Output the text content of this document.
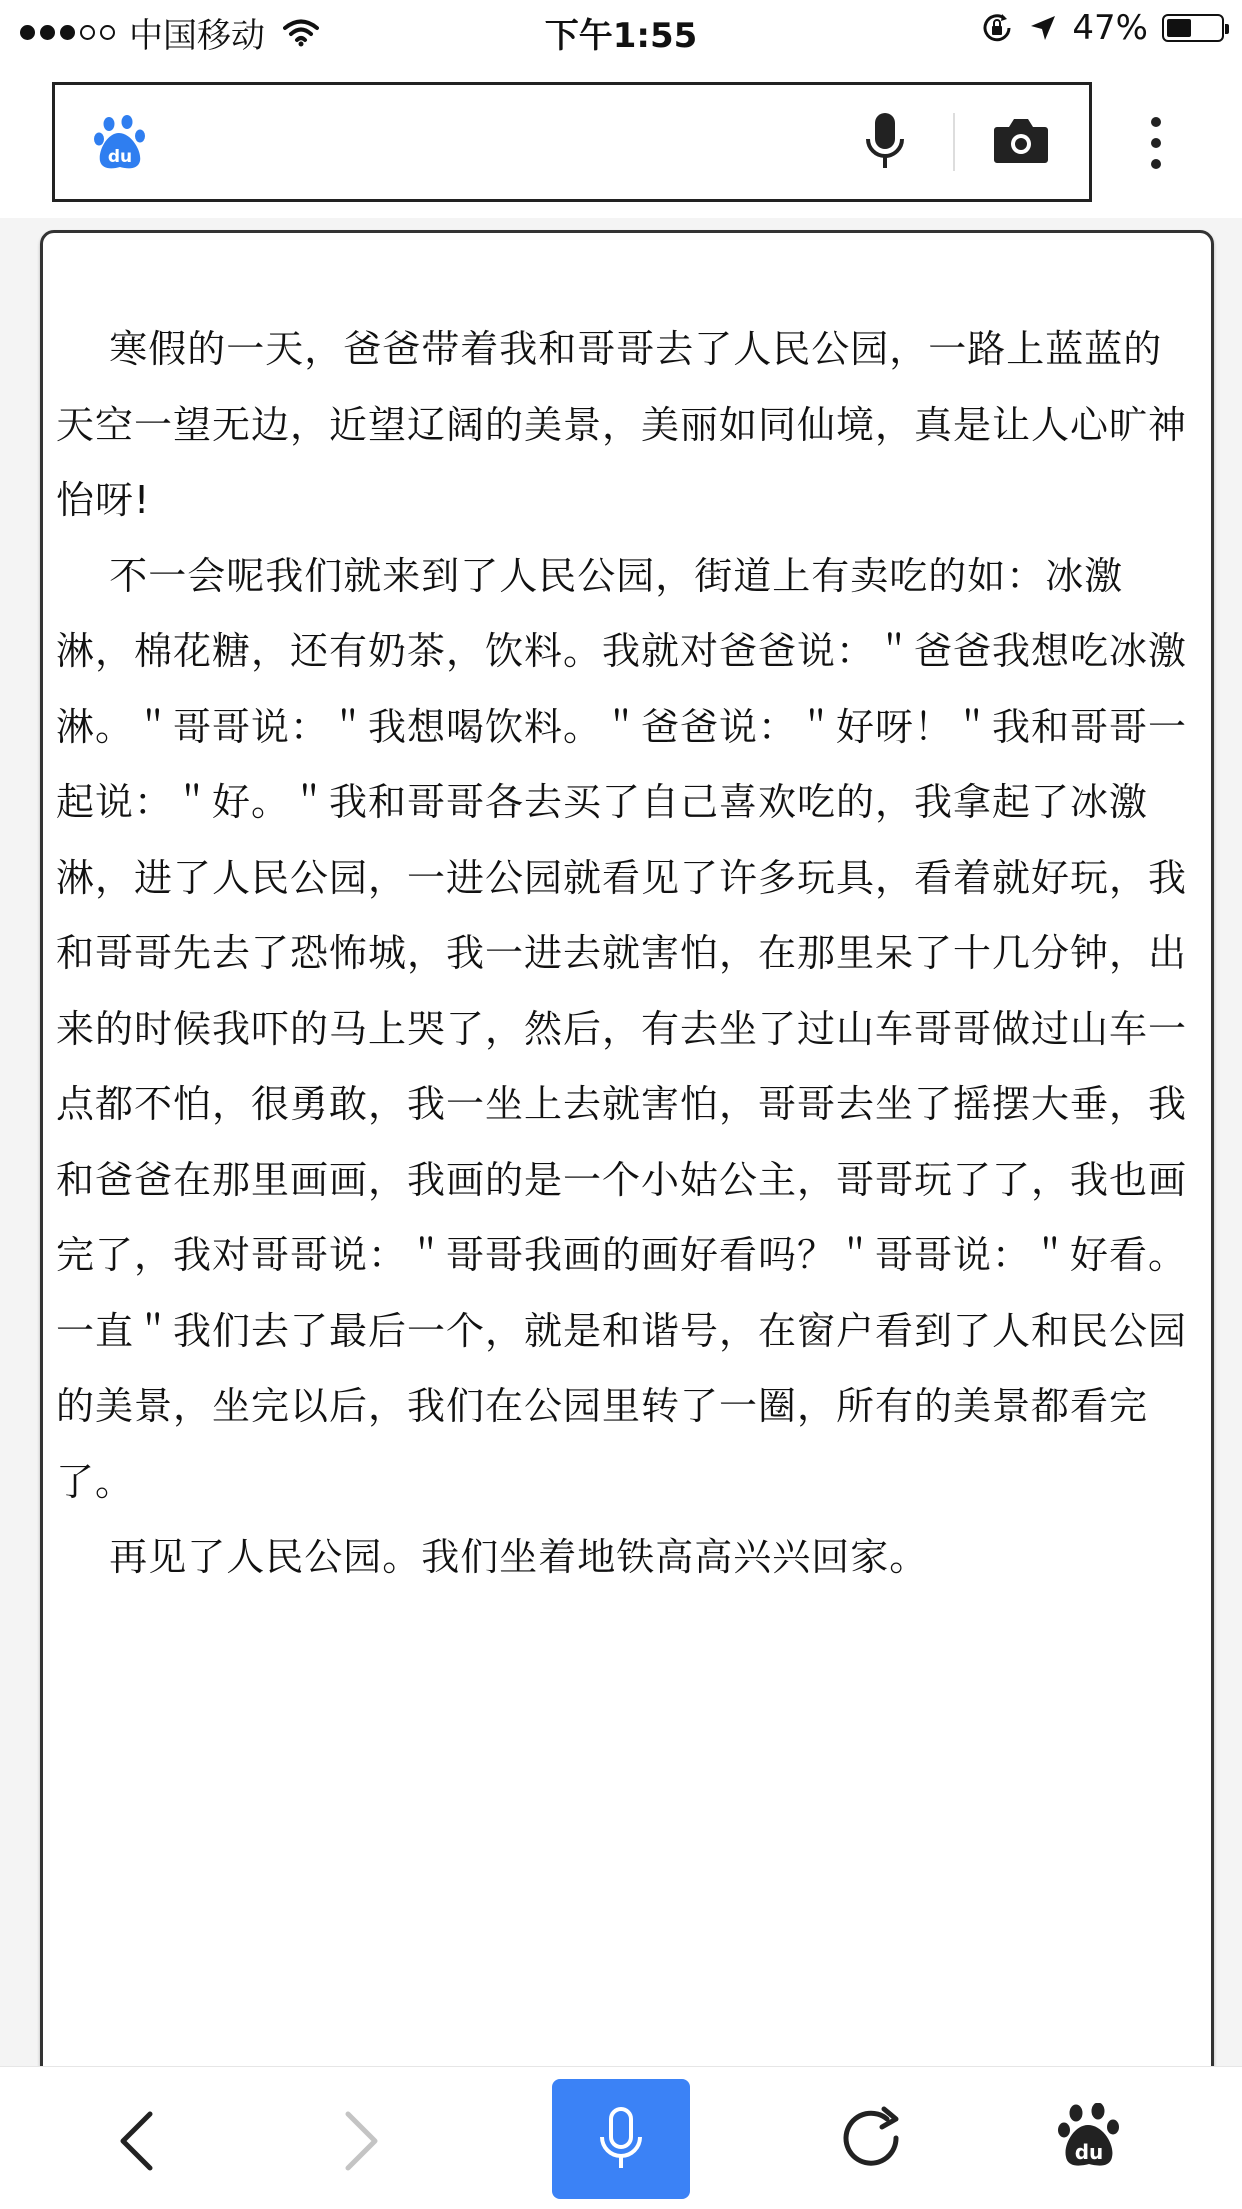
中国移动	下午1:55	47%
du

寒假的一天，爸爸带着我和哥哥去了人民公园，一路上蓝蓝的天空一望无边，近望辽阔的美景，美丽如同仙境，真是让人心旷神怡呀!

不一会呢我们就来到了人民公园，街道上有卖吃的如：冰激淋，棉花糖，还有奶茶，饮料。我就对爸爸说：＂爸爸我想吃冰激淋。＂哥哥说：＂我想喝饮料。＂爸爸说：＂好呀！＂我和哥哥一起说：＂好。＂我和哥哥各去买了自己喜欢吃的，我拿起了冰激淋，进了人民公园，一进公园就看见了许多玩具，看着就好玩，我和哥哥先去了恐怖城，我一进去就害怕，在那里呆了十几分钟，出来的时候我吓的马上哭了，然后，有去坐了过山车哥哥做过山车一点都不怕，很勇敢，我一坐上去就害怕，哥哥去坐了摇摆大垂，我和爸爸在那里画画，我画的是一个小姑公主，哥哥玩了了，我也画完了，我对哥哥说：＂哥哥我画的画好看吗？＂哥哥说：＂好看。一直＂我们去了最后一个，就是和谐号，在窗户看到了人和民公园的美景，坐完以后，我们在公园里转了一圈，所有的美景都看完了。

再见了人民公园。我们坐着地铁高高兴兴回家。

du
